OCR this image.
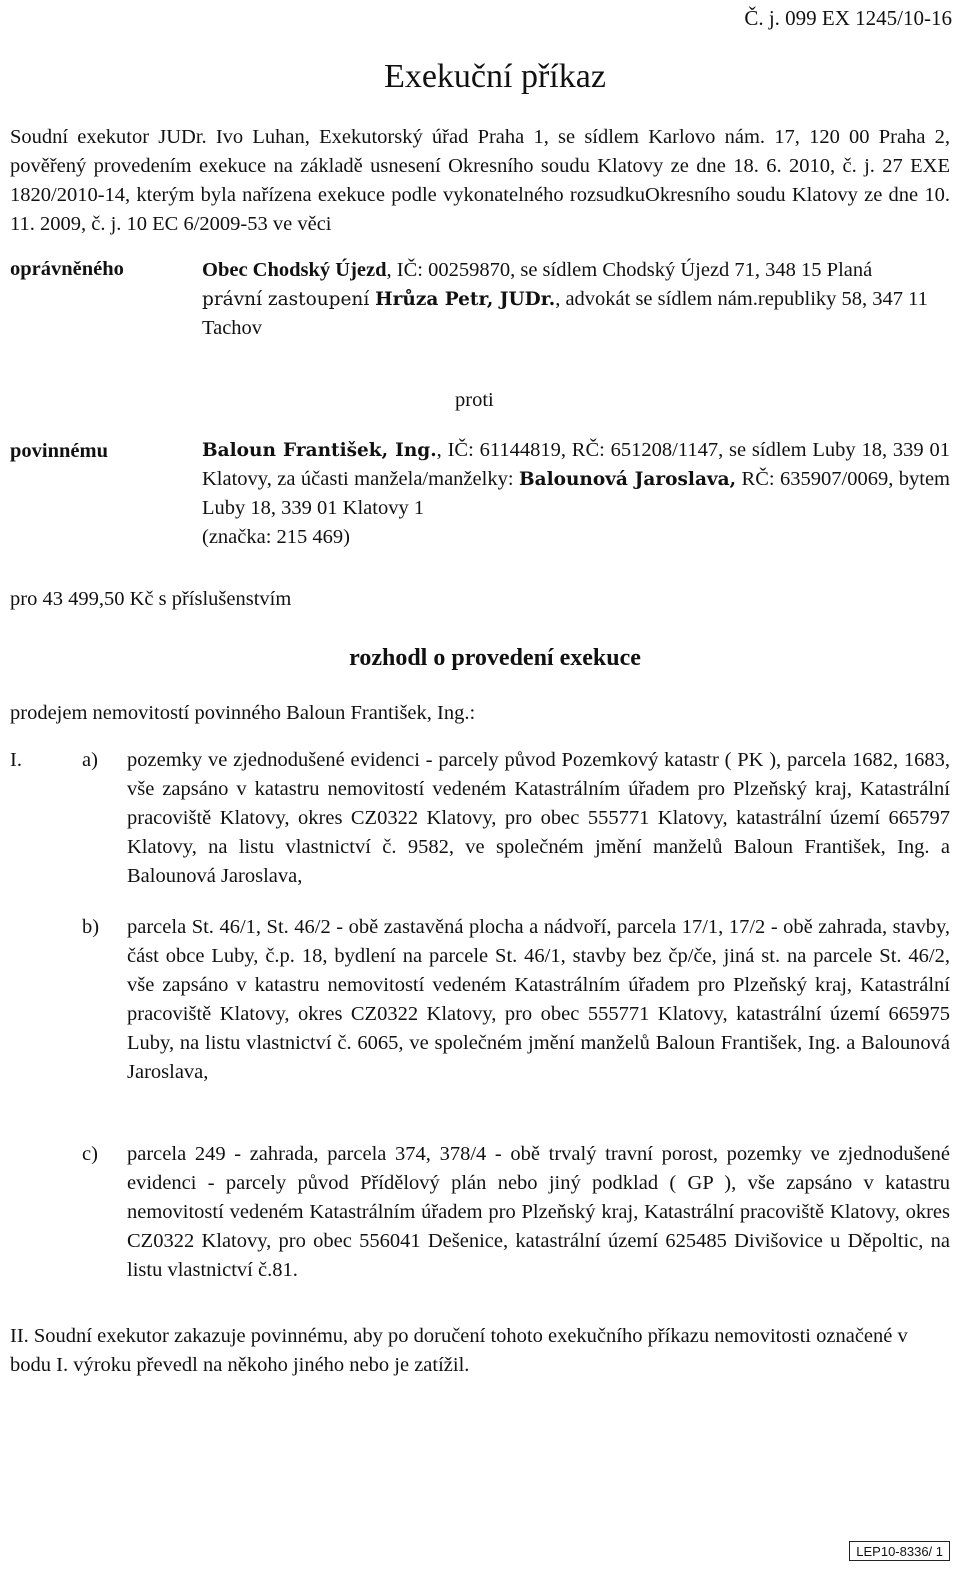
Č. j. 099 EX 1245/10-16
Exekuční příkaz

Soudní exekutor JUDr. Ivo Luhan, Exekutorský úřad Praha 1, se sídlem Karlovo nám. 17, 120 00 Praha 2, pověřený provedením exekuce na základě usnesení Okresního soudu Klatovy ze dne 18. 6. 2010, č. j. 27 EXE 1820/2010-14, kterým byla nařízena exekuce podle vykonatelného rozsudkuOkresního soudu Klatovy ze dne 10. 11. 2009, č. j. 10 EC 6/2009-53 ve věci

oprávněného	Obec Chodský Újezd, IČ: 00259870, se sídlem Chodský Újezd 71, 348 15 Planá
právní zastoupení Hrůza Petr, JUDr., advokát se sídlem nám.republiky 58, 347 11 Tachov
proti
povinnému	Baloun František, Ing., IČ: 61144819, RČ: 651208/1147, se sídlem Luby 18, 339 01 Klatovy, za účasti manžela/manželky: Balounová Jaroslava, RČ: 635907/0069, bytem Luby 18, 339 01 Klatovy 1
(značka: 215 469)
pro 43 499,50 Kč s příslušenstvím
rozhodl o provedení exekuce
prodejem nemovitostí povinného Baloun František, Ing.:
I.	a) pozemky ve zjednodušené evidenci - parcely původ Pozemkový katastr ( PK ), parcela 1682, 1683, vše zapsáno v katastru nemovitostí vedeném Katastrálním úřadem pro Plzeňský kraj, Katastrální pracoviště Klatovy, okres CZ0322 Klatovy, pro obec 555771 Klatovy, katastrální území 665797 Klatovy, na listu vlastnictví č. 9582, ve společném jmění manželů Baloun František, Ing. a Balounová Jaroslava,
b) parcela St. 46/1, St. 46/2 - obě zastavěná plocha a nádvoří, parcela 17/1, 17/2 - obě zahrada, stavby, část obce Luby, č.p. 18, bydlení na parcele St. 46/1, stavby bez čp/če, jiná st. na parcele St. 46/2, vše zapsáno v katastru nemovitostí vedeném Katastrálním úřadem pro Plzeňský kraj, Katastrální pracoviště Klatovy, okres CZ0322 Klatovy, pro obec 555771 Klatovy, katastrální území 665975 Luby, na listu vlastnictví č. 6065, ve společném jmění manželů Baloun František, Ing. a Balounová Jaroslava,
c) parcela 249 - zahrada, parcela 374, 378/4 - obě trvalý travní porost, pozemky ve zjednodušené evidenci - parcely původ Přídělový plán nebo jiný podklad ( GP ), vše zapsáno v katastru nemovitostí vedeném Katastrálním úřadem pro Plzeňský kraj, Katastrální pracoviště Klatovy, okres CZ0322 Klatovy, pro obec 556041 Dešenice, katastrální území 625485 Divišovice u Děpoltic, na listu vlastnictví č.81.
II. Soudní exekutor zakazuje povinnému, aby po doručení tohoto exekučního příkazu nemovitosti označené v bodu I. výroku převedl na někoho jiného nebo je zatížil.
LEP10-8336/ 1
